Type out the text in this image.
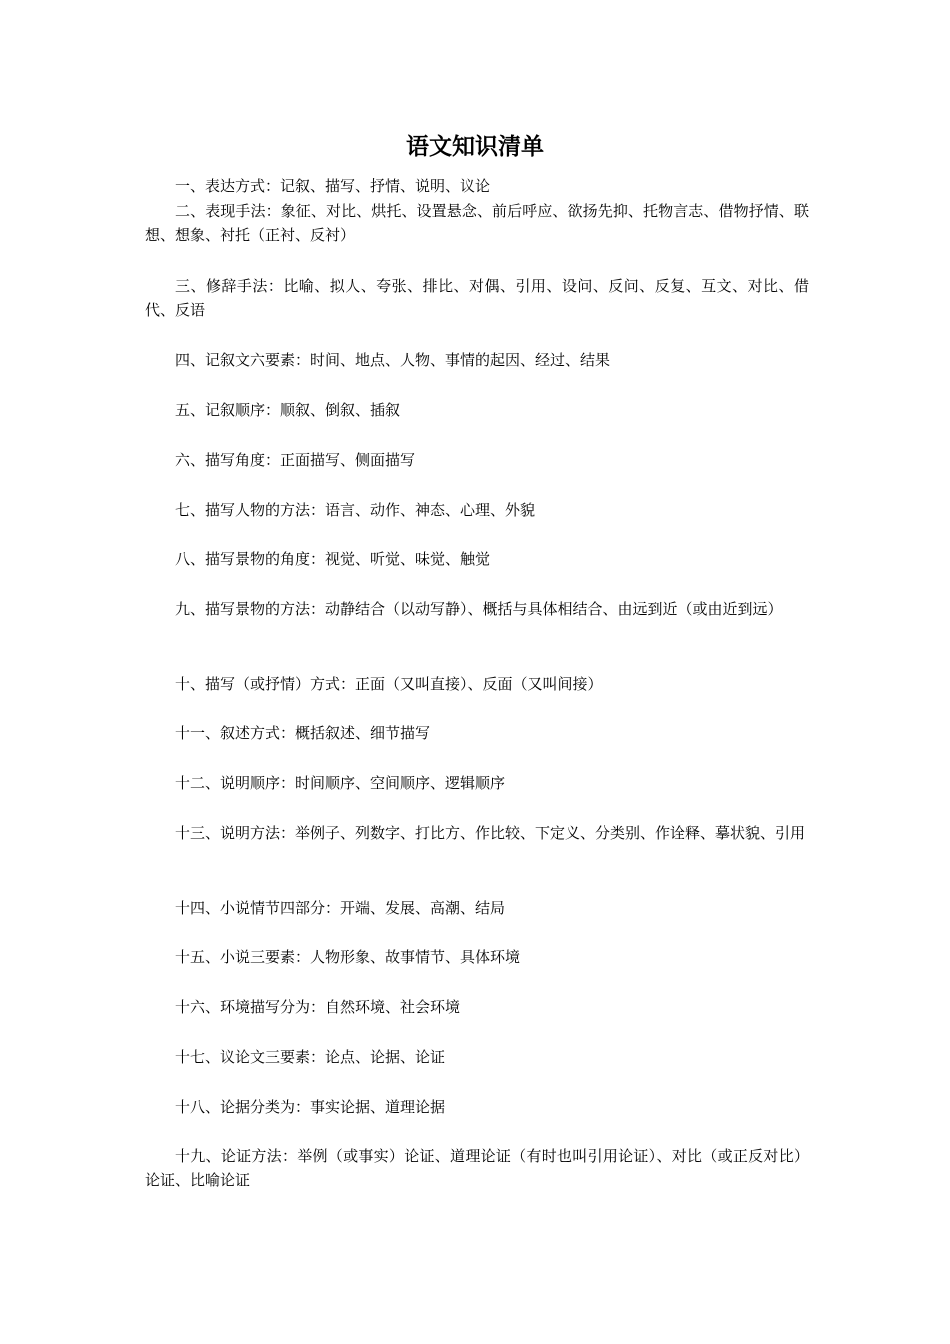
语文知识清单

一、表达方式：记叙、描写、抒情、说明、议论

二、表现手法：象征、对比、烘托、设置悬念、前后呼应、欲扬先抑、托物言志、借物抒情、联想、想象、衬托（正衬、反衬）

三、修辞手法：比喻、拟人、夸张、排比、对偶、引用、设问、反问、反复、互文、对比、借代、反语

四、记叙文六要素：时间、地点、人物、事情的起因、经过、结果

五、记叙顺序：顺叙、倒叙、插叙

六、描写角度：正面描写、侧面描写

七、描写人物的方法：语言、动作、神态、心理、外貌

八、描写景物的角度：视觉、听觉、味觉、触觉

九、描写景物的方法：动静结合（以动写静）、概括与具体相结合、由远到近（或由近到远）

十、描写（或抒情）方式：正面（又叫直接）、反面（又叫间接）

十一、叙述方式：概括叙述、细节描写

十二、说明顺序：时间顺序、空间顺序、逻辑顺序

十三、说明方法：举例子、列数字、打比方、作比较、下定义、分类别、作诠释、摹状貌、引用

十四、小说情节四部分：开端、发展、高潮、结局

十五、小说三要素：人物形象、故事情节、具体环境

十六、环境描写分为：自然环境、社会环境

十七、议论文三要素：论点、论据、论证

十八、论据分类为：事实论据、道理论据

十九、论证方法：举例（或事实）论证、道理论证（有时也叫引用论证）、对比（或正反对比）论证、比喻论证
